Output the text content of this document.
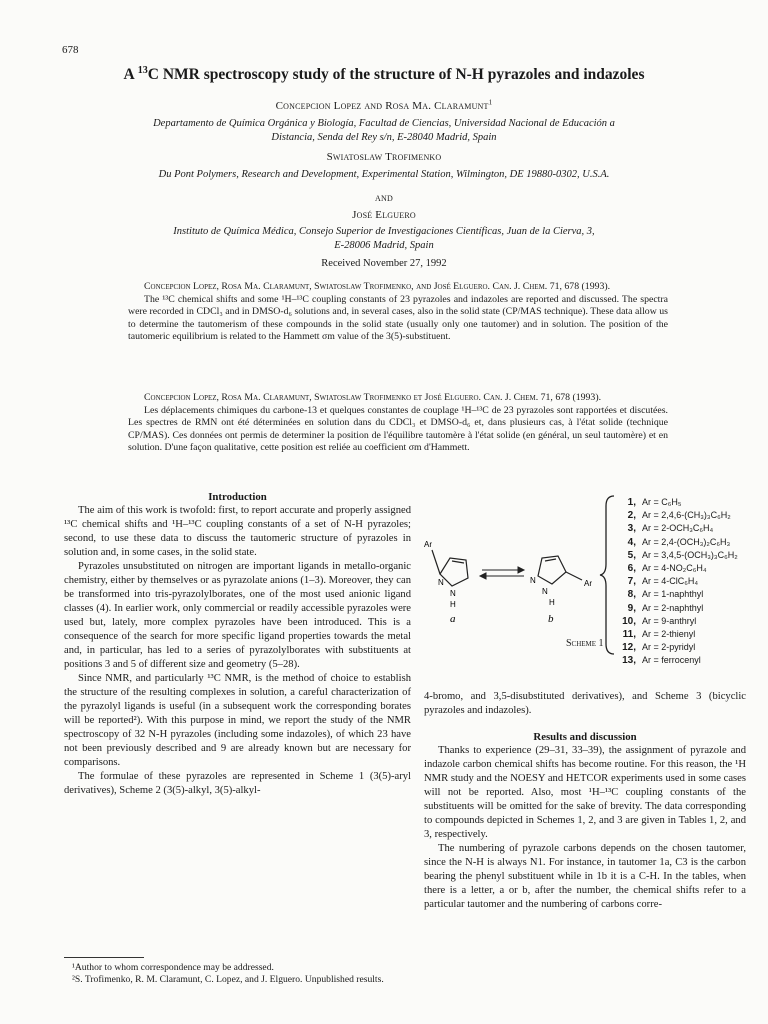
678
A $^{13}$C NMR spectroscopy study of the structure of N-H pyrazoles and indazoles
Concepcion Lopez and Rosa Ma. Claramunt$^1$
Departamento de Química Orgánica y Biología, Facultad de Ciencias, Universidad Nacional de Educación a
Distancia, Senda del Rey s/n, E-28040 Madrid, Spain
Swiatoslaw Trofimenko
Du Pont Polymers, Research and Development, Experimental Station, Wilmington, DE 19880-0302, U.S.A.
and
José Elguero
Instituto de Química Médica, Consejo Superior de Investigaciones Científicas, Juan de la Cierva, 3,
E-28006 Madrid, Spain
Received November 27, 1992

Concepcion Lopez, Rosa Ma. Claramunt, Swiatoslaw Trofimenko, and José Elguero. Can. J. Chem. 71, 678 (1993).

The ¹³C chemical shifts and some ¹H–¹³C coupling constants of 23 pyrazoles and indazoles are reported and discussed. The spectra were recorded in CDCl₃ and in DMSO-d₆ solutions and, in several cases, also in the solid state (CP/MAS technique). These data allow us to determine the tautomerism of these compounds in the solid state (usually only one tautomer) and in solution. The position of the tautomeric equilibrium is related to the Hammett σm value of the 3(5)-substituent.

Concepcion Lopez, Rosa Ma. Claramunt, Swiatoslaw Trofimenko et José Elguero. Can. J. Chem. 71, 678 (1993).

Les déplacements chimiques du carbone-13 et quelques constantes de couplage ¹H–¹³C de 23 pyrazoles sont rapportées et discutées. Les spectres de RMN ont été déterminées en solution dans du CDCl₃ et DMSO-d₆ et, dans plusieurs cas, à l'état solide (technique CP/MAS). Ces données ont permis de determiner la position de l'équilibre tautomère à l'état solide (en général, un seul tautomère) et en solution. D'une façon qualitative, cette position est reliée au coefficient σm d'Hammett.

Introduction

The aim of this work is twofold: first, to report accurate and properly assigned ¹³C chemical shifts and ¹H–¹³C coupling constants of a set of N-H pyrazoles; second, to use these data to discuss the tautomeric structure of pyrazoles in solution and, in some cases, in the solid state.

Pyrazoles unsubstituted on nitrogen are important ligands in metallo-organic chemistry, either by themselves or as pyrazolate anions (1–3). Moreover, they can be transformed into tris-pyrazolylborates, one of the most used anionic ligand classes (4). In earlier work, only commercial or readily accessible pyrazoles were used but, lately, more complex pyrazoles have been introduced. This is a consequence of the search for more specific ligand properties towards the metal and, in particular, has led to a series of pyrazolylborates with substituents at positions 3 and 5 of different size and geometry (5–28).

Since NMR, and particularly ¹³C NMR, is the method of choice to establish the structure of the resulting complexes in solution, a careful characterization of the pyrazolyl ligands is useful (in a subsequent work the corresponding borates will be reported²). With this purpose in mind, we report the study of the NMR spectroscopy of 32 N-H pyrazoles (including some indazoles), of which 23 have not been previously described and 9 are already known but are necessary for comparisons.

The formulae of these pyrazoles are represented in Scheme 1 (3(5)-aryl derivatives), Scheme 2 (3(5)-alkyl, 3(5)-alkyl-

¹Author to whom correspondence may be addressed.

²S. Trofimenko, R. M. Claramunt, C. Lopez, and J. Elguero. Unpublished results.

Ar
N
N
H
a
Ar
N
N
H
b
1, Ar = C₆H₅
2, Ar = 2,4,6-(CH₃)₃C₆H₂
3, Ar = 2-OCH₃C₆H₄
4, Ar = 2,4-(OCH₃)₂C₆H₃
5, Ar = 3,4,5-(OCH₃)₃C₆H₂
6, Ar = 4-NO₂C₆H₄
7, Ar = 4-ClC₆H₄
8, Ar = 1-naphthyl
9, Ar = 2-naphthyl
10, Ar = 9-anthryl
11, Ar = 2-thienyl
12, Ar = 2-pyridyl
13, Ar = ferrocenyl
Scheme 1

4-bromo, and 3,5-disubstituted derivatives), and Scheme 3 (bicyclic pyrazoles and indazoles).

Results and discussion

Thanks to experience (29–31, 33–39), the assignment of pyrazole and indazole carbon chemical shifts has become routine. For this reason, the ¹H NMR study and the NOESY and HETCOR experiments used in some cases will not be reported. Also, most ¹H–¹³C coupling constants of the substituents will be omitted for the sake of brevity. The data corresponding to compounds depicted in Schemes 1, 2, and 3 are given in Tables 1, 2, and 3, respectively.

The numbering of pyrazole carbons depends on the chosen tautomer, since the N-H is always N1. For instance, in tautomer 1a, C3 is the carbon bearing the phenyl substituent while in 1b it is a C-H. In the tables, when there is a letter, a or b, after the number, the chemical shifts refer to a particular tautomer and the numbering of carbons corre-
